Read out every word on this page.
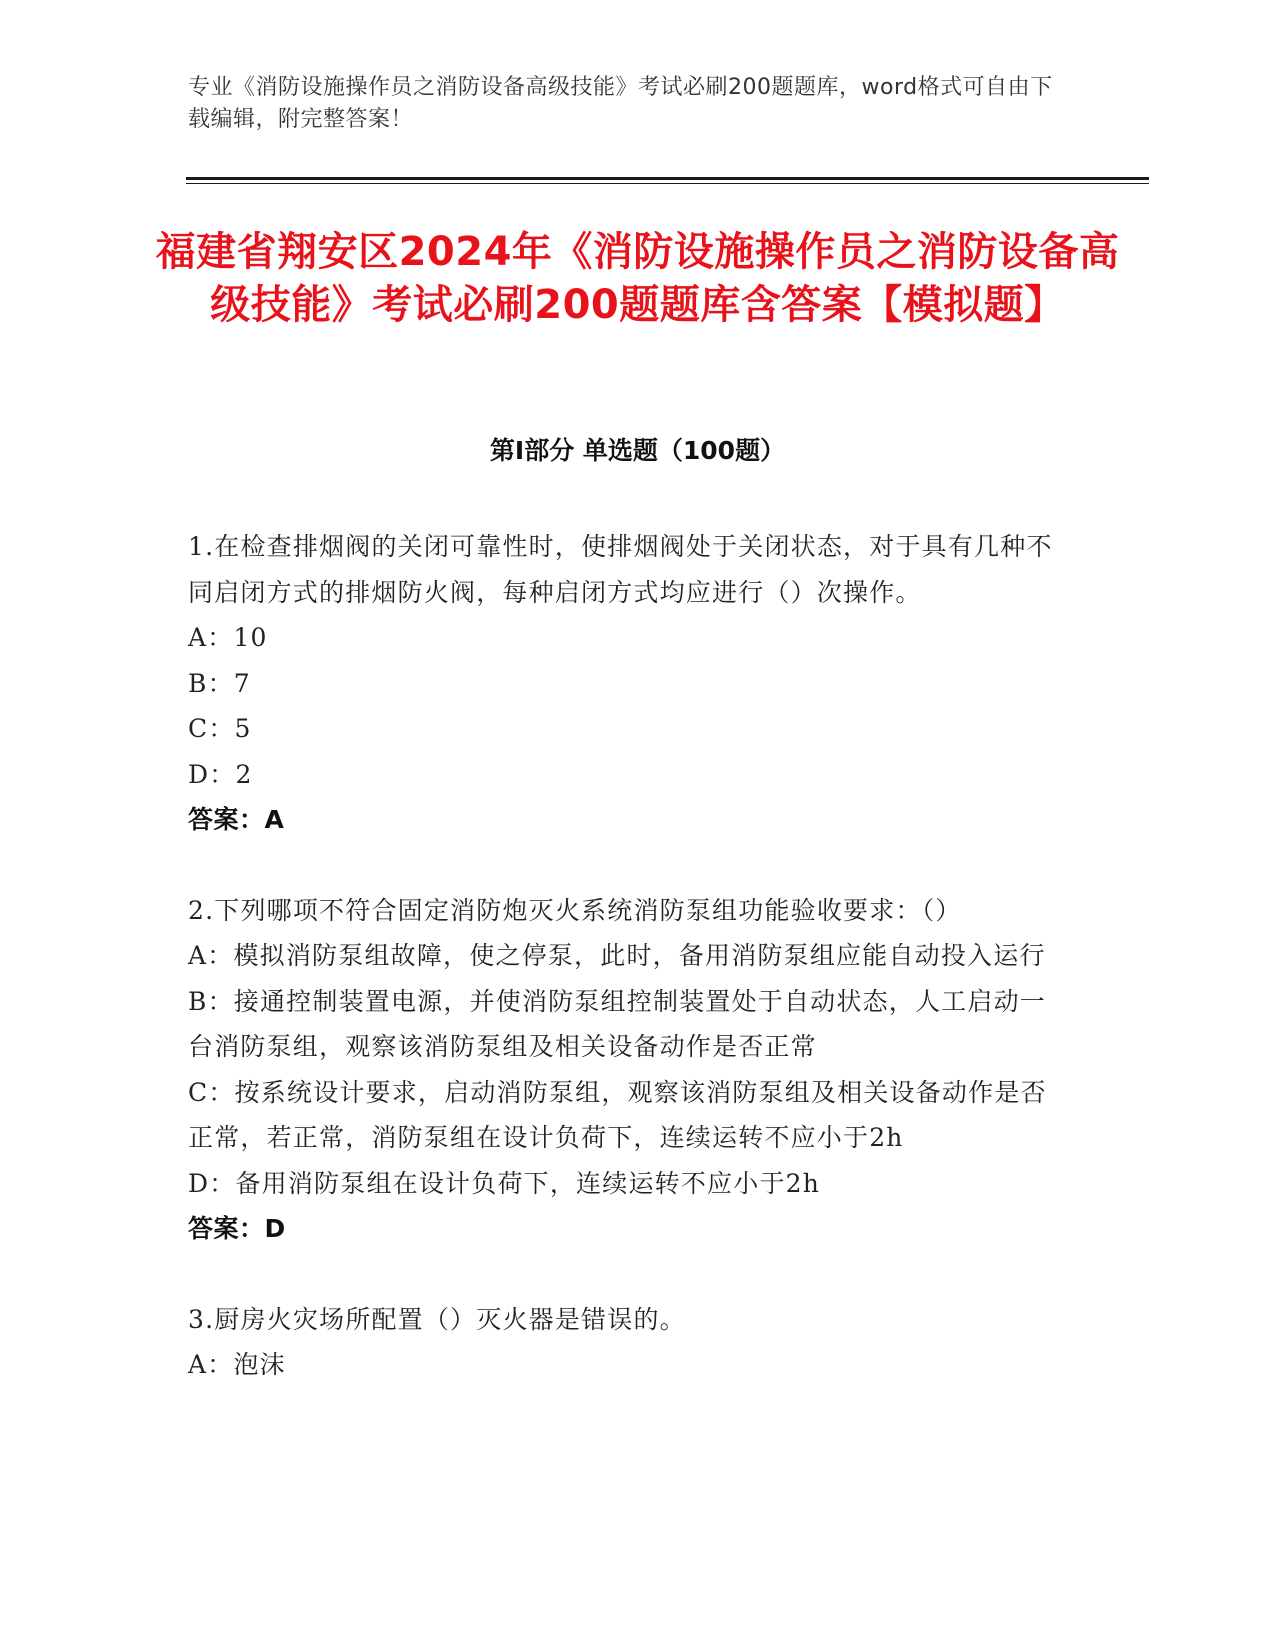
专业《消防设施操作员之消防设备高级技能》考试必刷200题题库，word格式可自由下载编辑，附完整答案！
福建省翔安区2024年《消防设施操作员之消防设备高级技能》考试必刷200题题库含答案【模拟题】
第Ⅰ部分 单选题（100题）

1.在检查排烟阀的关闭可靠性时，使排烟阀处于关闭状态，对于具有几种不同启闭方式的排烟防火阀，每种启闭方式均应进行（）次操作。

A：10

B：7

C：5

D：2

答案：A

2.下列哪项不符合固定消防炮灭火系统消防泵组功能验收要求：（）

A：模拟消防泵组故障，使之停泵，此时，备用消防泵组应能自动投入运行

B：接通控制装置电源，并使消防泵组控制装置处于自动状态，人工启动一台消防泵组，观察该消防泵组及相关设备动作是否正常

C：按系统设计要求，启动消防泵组，观察该消防泵组及相关设备动作是否正常，若正常，消防泵组在设计负荷下，连续运转不应小于2h

D：备用消防泵组在设计负荷下，连续运转不应小于2h

答案：D

3.厨房火灾场所配置（）灭火器是错误的。

A：泡沫
